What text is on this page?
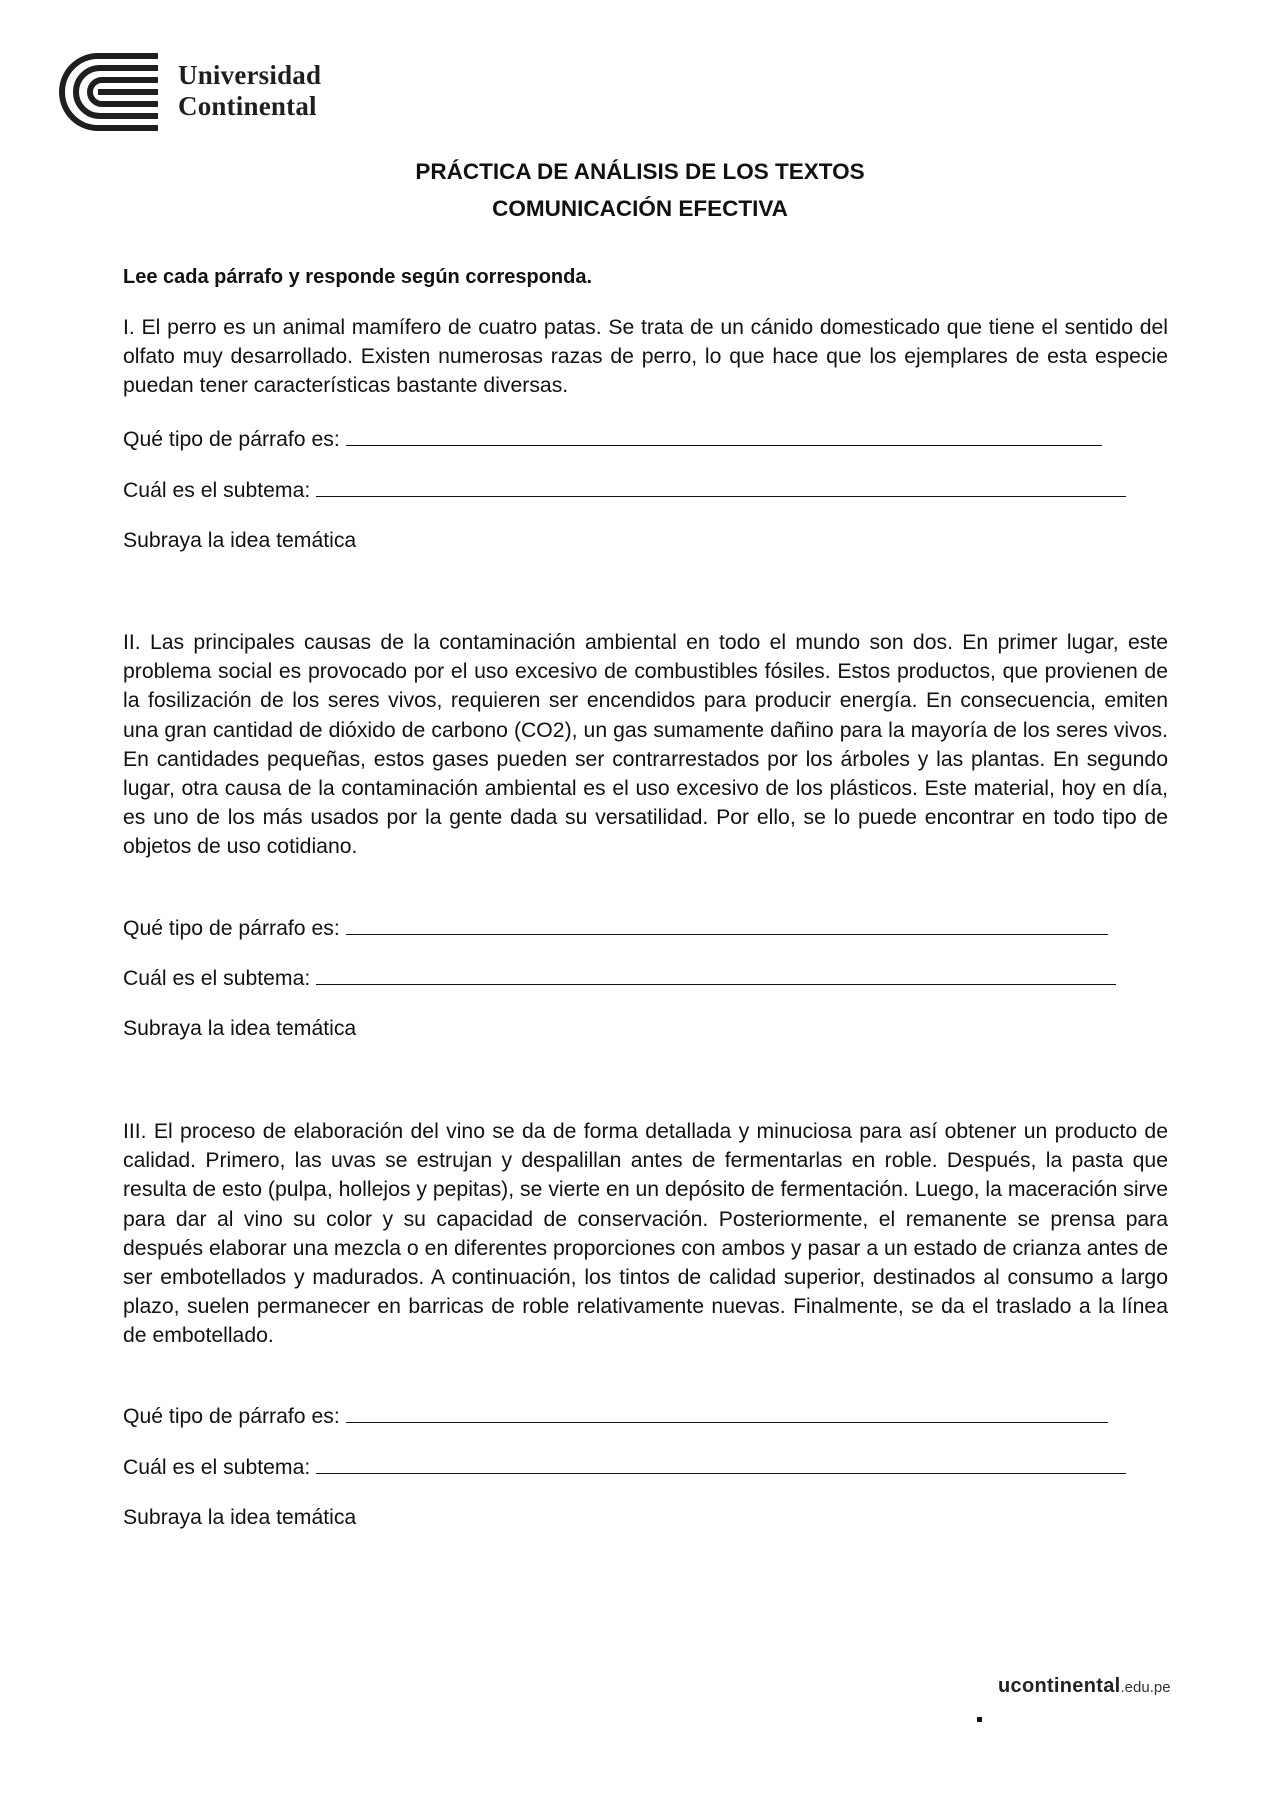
Universidad
Continental
PRÁCTICA DE ANÁLISIS DE LOS TEXTOS
COMUNICACIÓN EFECTIVA
Lee cada párrafo y responde según corresponda.
I. El perro es un animal mamífero de cuatro patas. Se trata de un cánido domesticado que tiene el sentido del olfato muy desarrollado. Existen numerosas razas de perro, lo que hace que los ejemplares de esta especie puedan tener características bastante diversas.
Qué tipo de párrafo es:
Cuál es el subtema:
Subraya la idea temática
II. Las principales causas de la contaminación ambiental en todo el mundo son dos. En primer lugar, este problema social es provocado por el uso excesivo de combustibles fósiles. Estos productos, que provienen de la fosilización de los seres vivos, requieren ser encendidos para producir energía. En consecuencia, emiten una gran cantidad de dióxido de carbono (CO2), un gas sumamente dañino para la mayoría de los seres vivos. En cantidades pequeñas, estos gases pueden ser contrarrestados por los árboles y las plantas. En segundo lugar, otra causa de la contaminación ambiental es el uso excesivo de los plásticos. Este material, hoy en día, es uno de los más usados por la gente dada su versatilidad. Por ello, se lo puede encontrar en todo tipo de objetos de uso cotidiano.
Qué tipo de párrafo es:
Cuál es el subtema:
Subraya la idea temática
III. El proceso de elaboración del vino se da de forma detallada y minuciosa para así obtener un producto de calidad. Primero, las uvas se estrujan y despalillan antes de fermentarlas en roble. Después, la pasta que resulta de esto (pulpa, hollejos y pepitas), se vierte en un depósito de fermentación. Luego, la maceración sirve para dar al vino su color y su capacidad de conservación. Posteriormente, el remanente se prensa para después elaborar una mezcla o en diferentes proporciones con ambos y pasar a un estado de crianza antes de ser embotellados y madurados. A continuación, los tintos de calidad superior, destinados al consumo a largo plazo, suelen permanecer en barricas de roble relativamente nuevas. Finalmente, se da el traslado a la línea de embotellado.
Qué tipo de párrafo es:
Cuál es el subtema:
Subraya la idea temática
ucontinental.edu.pe
